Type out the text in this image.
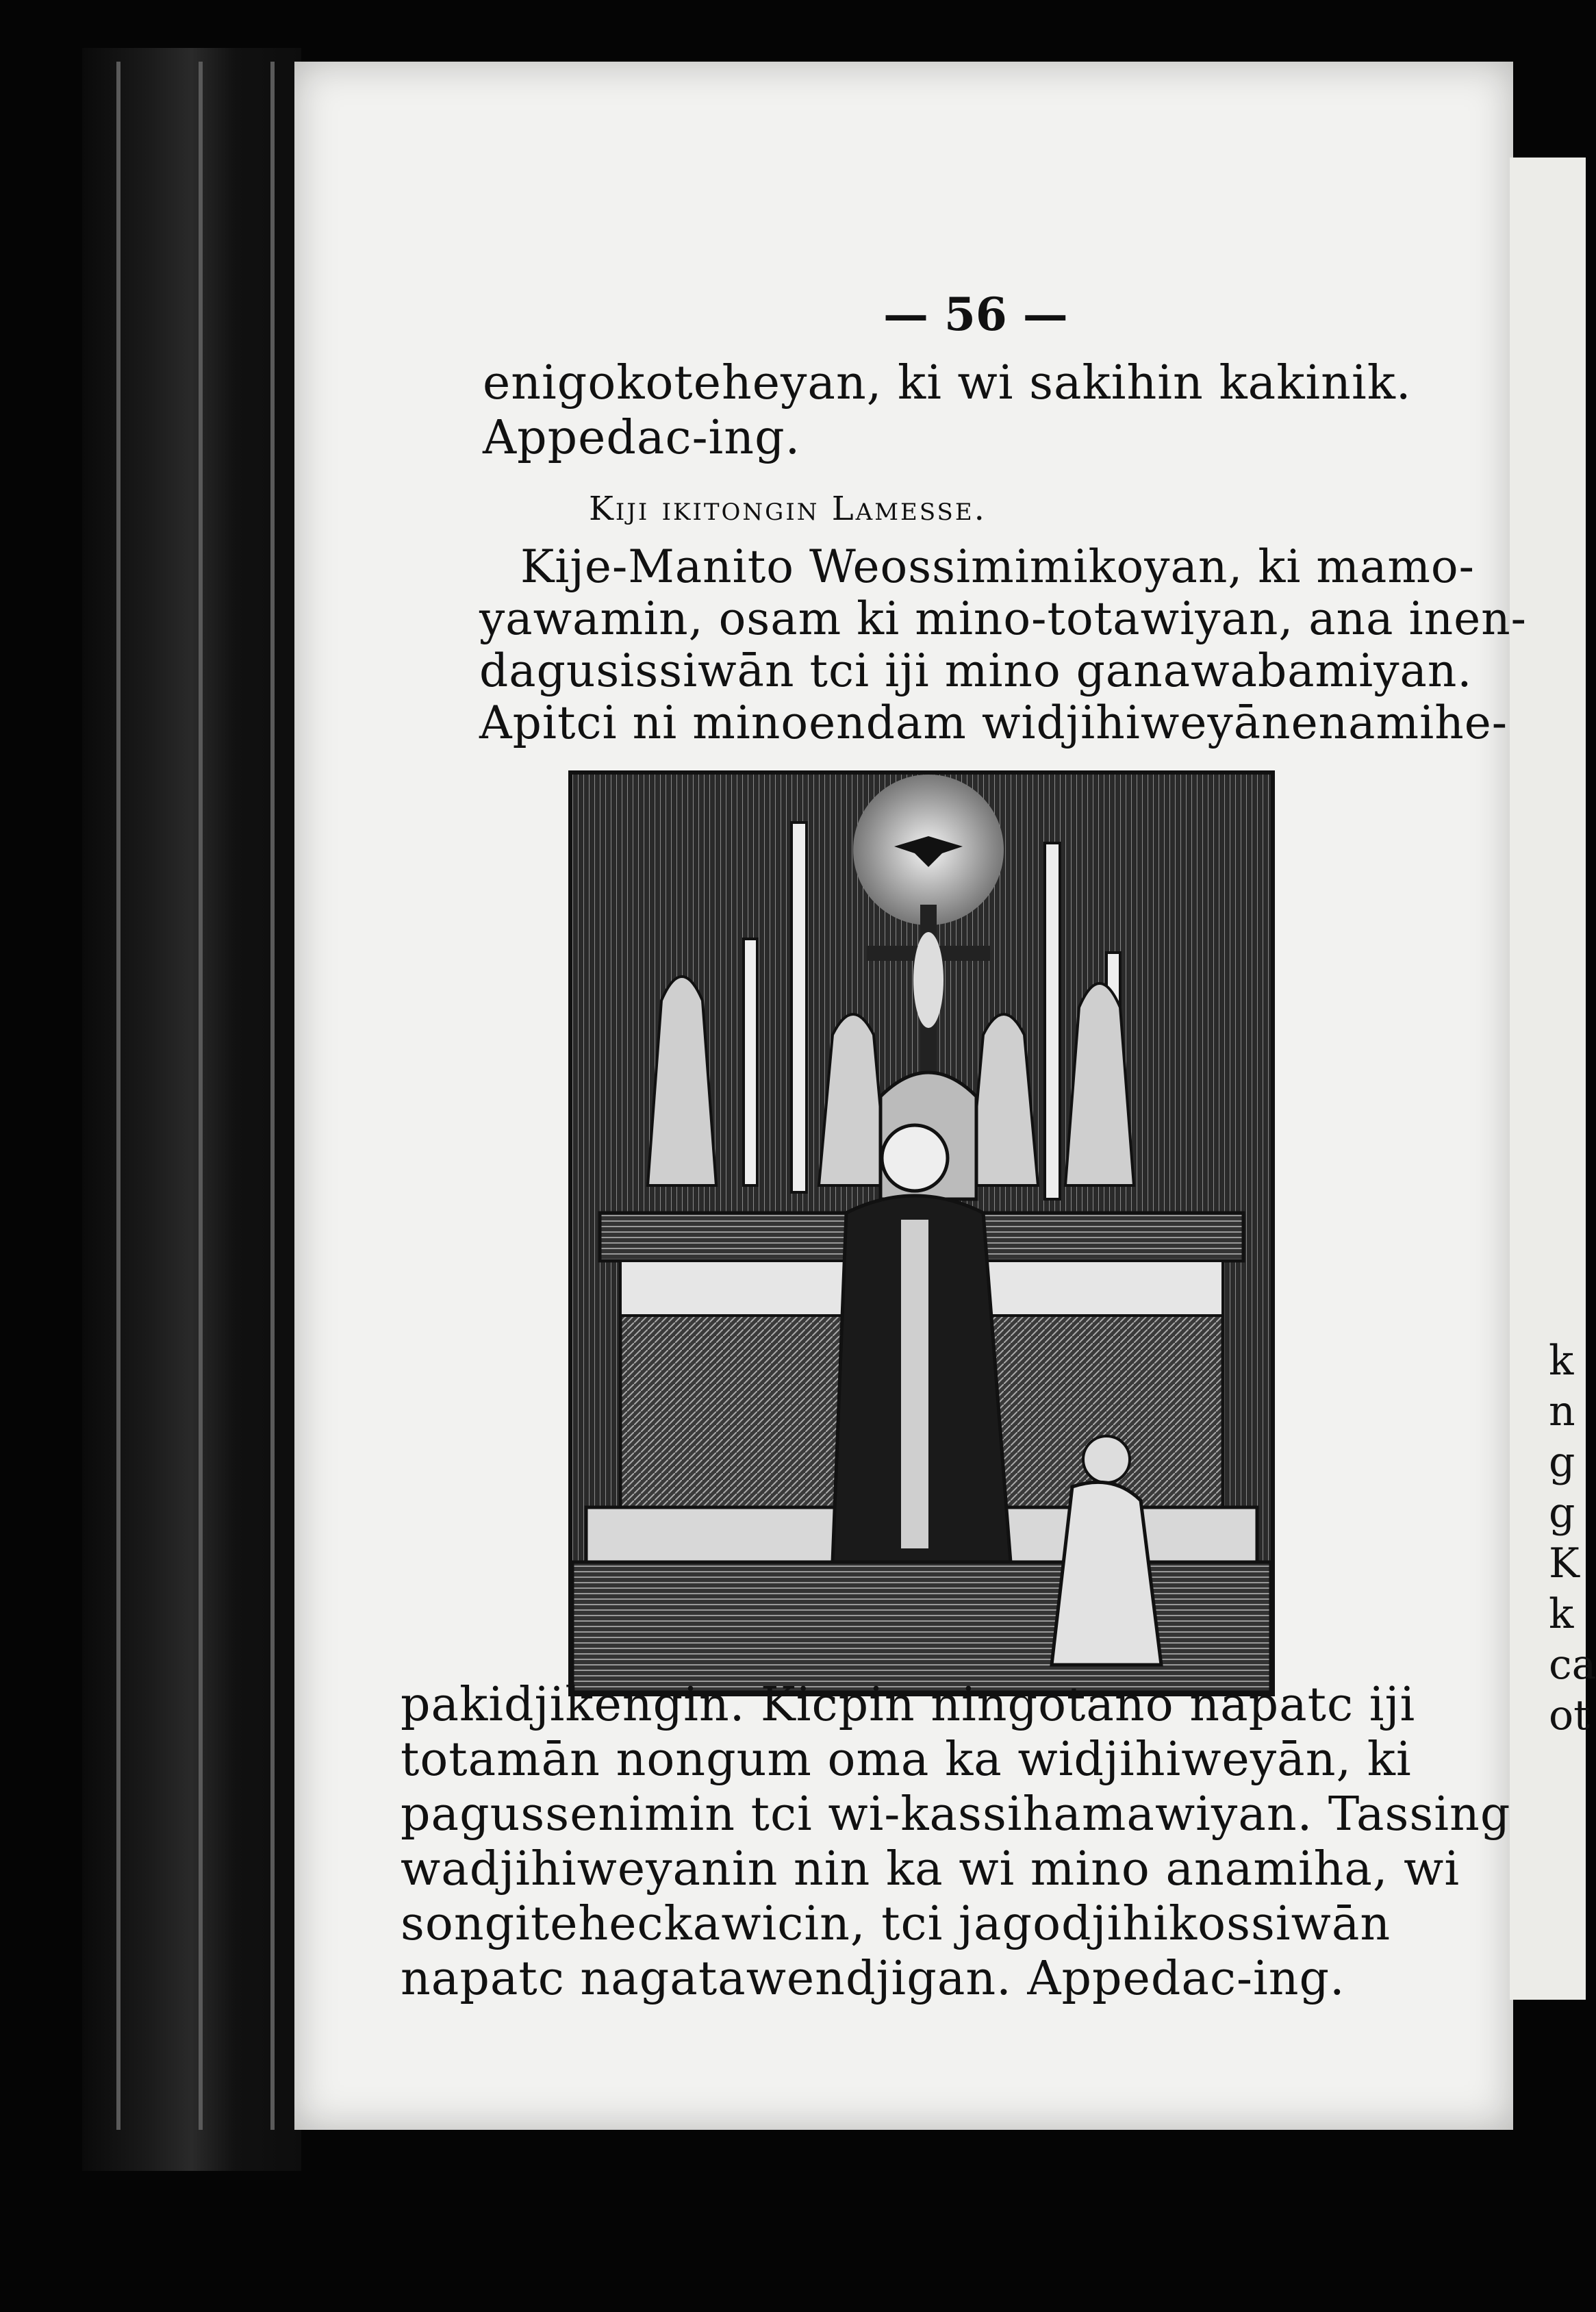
k
n
g
g
K
k
ca
ot
— 56 —
enigokoteheyan, ki wi sakihin kakinik.
Appedac-ing.
Kiji ikitongin Lamesse.
Kije-Manito Weossimimikoyan, ki mamo-
yawamin, osam ki mino-totawiyan, ana inen-
dagusissiwān tci iji mino ganawabamiyan.
Apitci ni minoendam widjihiweyānenamihe-
pakidjikengin. Kicpin ningotano napatc iji
totamān nongum oma ka widjihiweyān, ki
pagussenimin tci wi-kassihamawiyan. Tassing
wadjihiweyanin nin ka wi mino anamiha, wi
songiteheckawicin, tci jagodjihikossiwān
napatc nagatawendjigan. Appedac-ing.
